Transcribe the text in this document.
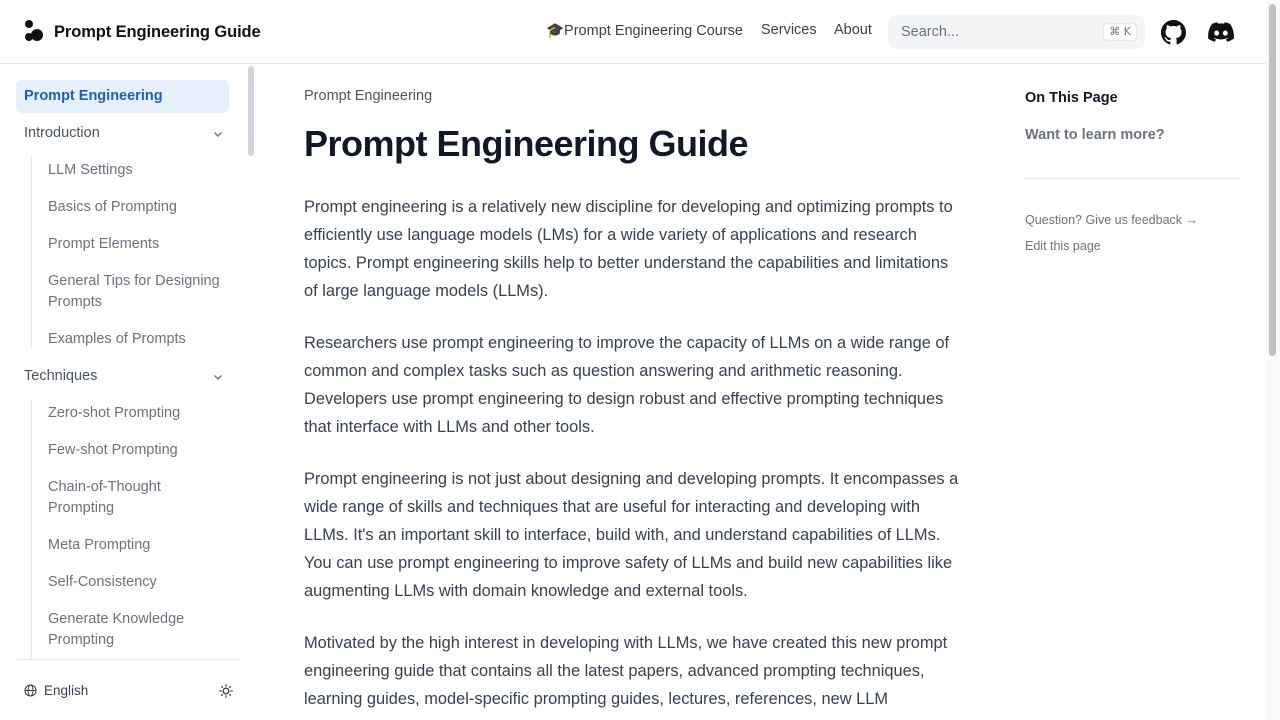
Prompt Engineering Guide	🎓Prompt Engineering Course	Services	About
Search...	⌘ K
Prompt Engineering
Introduction
LLM Settings
Basics of Prompting
Prompt Elements
General Tips for Designing Prompts
Examples of Prompts
Techniques
Zero-shot Prompting
Few-shot Prompting
Chain-of-Thought Prompting
Meta Prompting
Self-Consistency
Generate Knowledge Prompting
English
Prompt Engineering
Prompt Engineering Guide

Prompt engineering is a relatively new discipline for developing and optimizing prompts to efficiently use language models (LMs) for a wide variety of applications and research topics. Prompt engineering skills help to better understand the capabilities and limitations of large language models (LLMs).

Researchers use prompt engineering to improve the capacity of LLMs on a wide range of common and complex tasks such as question answering and arithmetic reasoning. Developers use prompt engineering to design robust and effective prompting techniques that interface with LLMs and other tools.

Prompt engineering is not just about designing and developing prompts. It encompasses a wide range of skills and techniques that are useful for interacting and developing with LLMs. It's an important skill to interface, build with, and understand capabilities of LLMs. You can use prompt engineering to improve safety of LLMs and build new capabilities like augmenting LLMs with domain knowledge and external tools.

Motivated by the high interest in developing with LLMs, we have created this new prompt engineering guide that contains all the latest papers, advanced prompting techniques, learning guides, model-specific prompting guides, lectures, references, new LLM

On This Page
Want to learn more?
Question? Give us feedback →
Edit this page
